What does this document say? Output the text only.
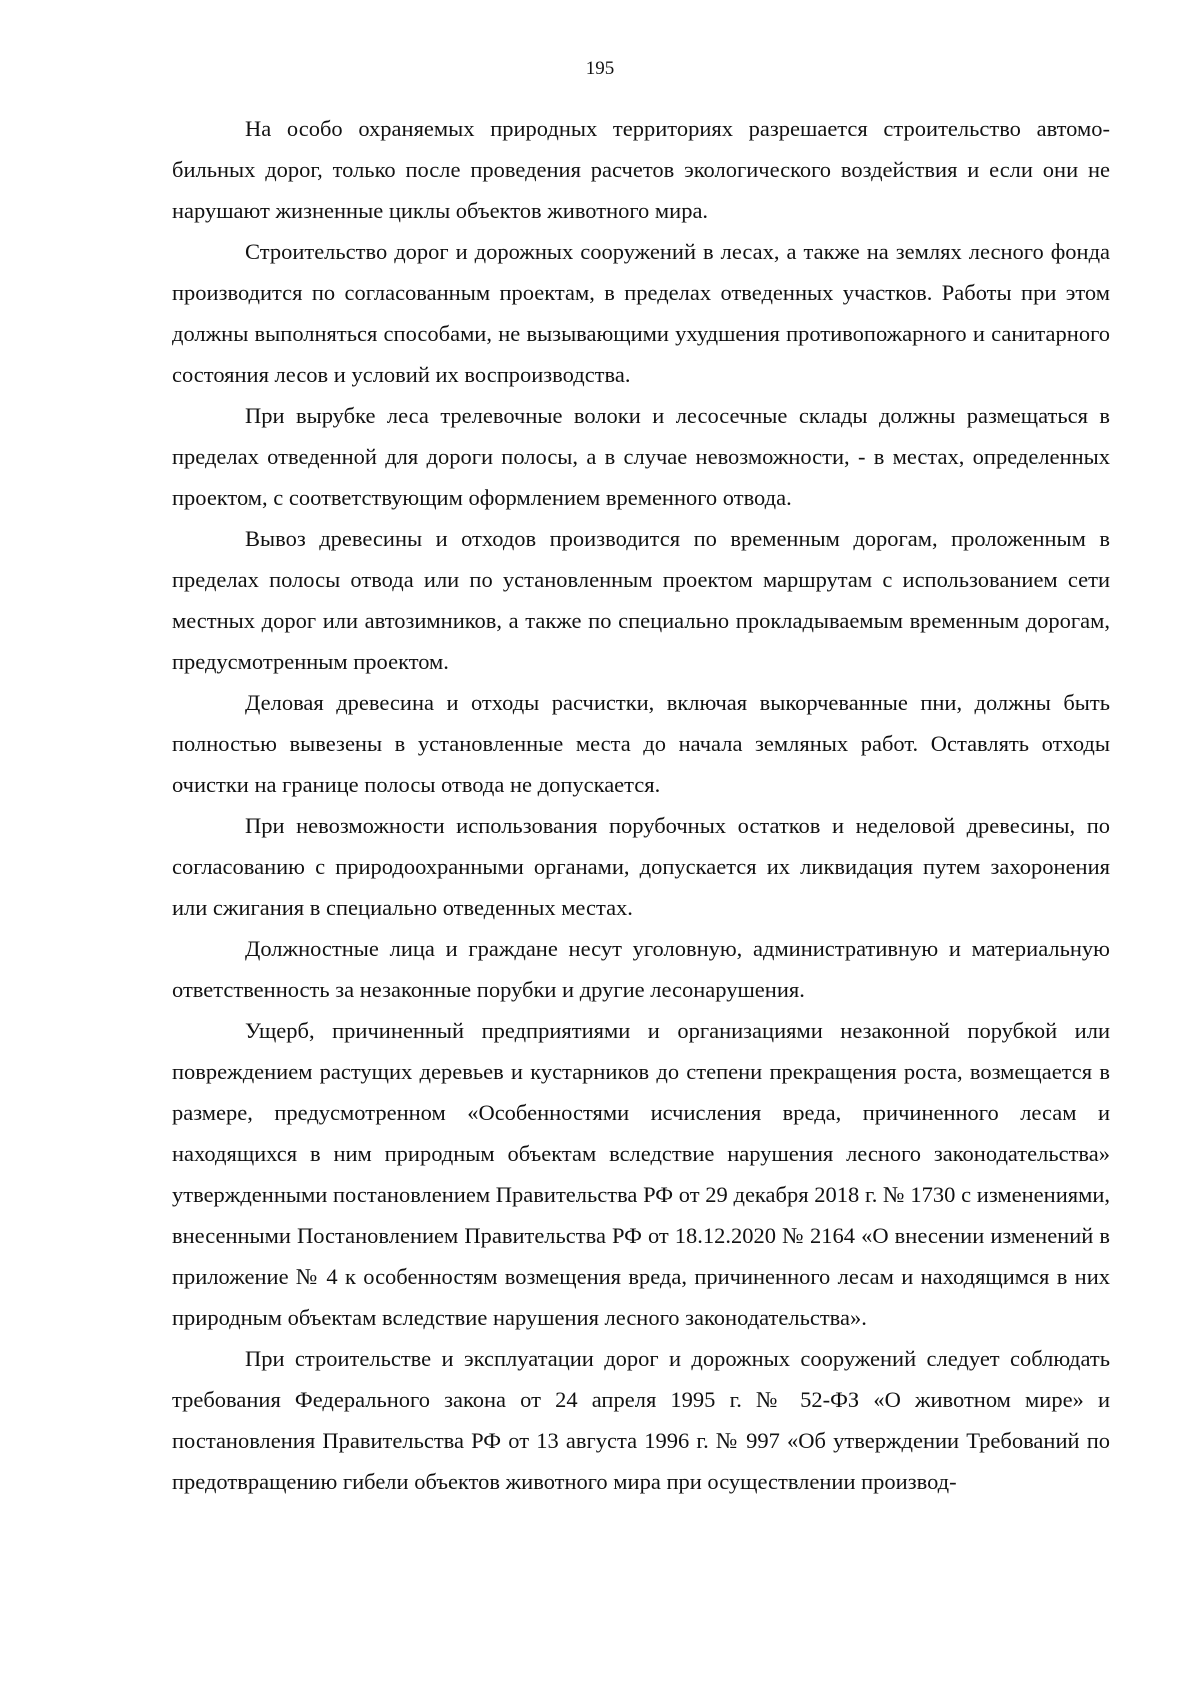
195

На особо охраняемых природных территориях разрешается строительство автомобильных дорог, только после проведения расчетов экологического воздействия и если они не нарушают жизненные циклы объектов животного мира.

Строительство дорог и дорожных сооружений в лесах, а также на землях лесного фонда производится по согласованным проектам, в пределах отведенных участков. Работы при этом должны выполняться способами, не вызывающими ухудшения противопожарного и санитарного состояния лесов и условий их воспроизводства.

При вырубке леса трелевочные волоки и лесосечные склады должны размещаться в пределах отведенной для дороги полосы, а в случае невозможности, - в местах, определенных проектом, с соответствующим оформлением временного отвода.

Вывоз древесины и отходов производится по временным дорогам, проложенным в пределах полосы отвода или по установленным проектом маршрутам с использованием сети местных дорог или автозимников, а также по специально прокладываемым временным дорогам, предусмотренным проектом.

Деловая древесина и отходы расчистки, включая выкорчеванные пни, должны быть полностью вывезены в установленные места до начала земляных работ. Оставлять отходы очистки на границе полосы отвода не допускается.

При невозможности использования порубочных остатков и неделовой древесины, по согласованию с природоохранными органами, допускается их ликвидация путем захоронения или сжигания в специально отведенных местах.

Должностные лица и граждане несут уголовную, административную и материальную ответственность за незаконные порубки и другие лесонарушения.

Ущерб, причиненный предприятиями и организациями незаконной порубкой или повреждением растущих деревьев и кустарников до степени прекращения роста, возмещается в размере, предусмотренном «Особенностями исчисления вреда, причиненного лесам и находящихся в ним природным объектам вследствие нарушения лесного законодательства» утвержденными постановлением Правительства РФ от 29 декабря 2018 г. № 1730 с изменениями, внесенными Постановлением Правительства РФ от 18.12.2020 № 2164 «О внесении изменений в приложение № 4 к особенностям возмещения вреда, причиненного лесам и находящимся в них природным объектам вследствие нарушения лесного законодательства».

При строительстве и эксплуатации дорог и дорожных сооружений следует соблюдать требования Федерального закона от 24 апреля 1995 г. № 52-ФЗ «О животном мире» и постановления Правительства РФ от 13 августа 1996 г. № 997 «Об утверждении Требований по предотвращению гибели объектов животного мира при осуществлении производ-
